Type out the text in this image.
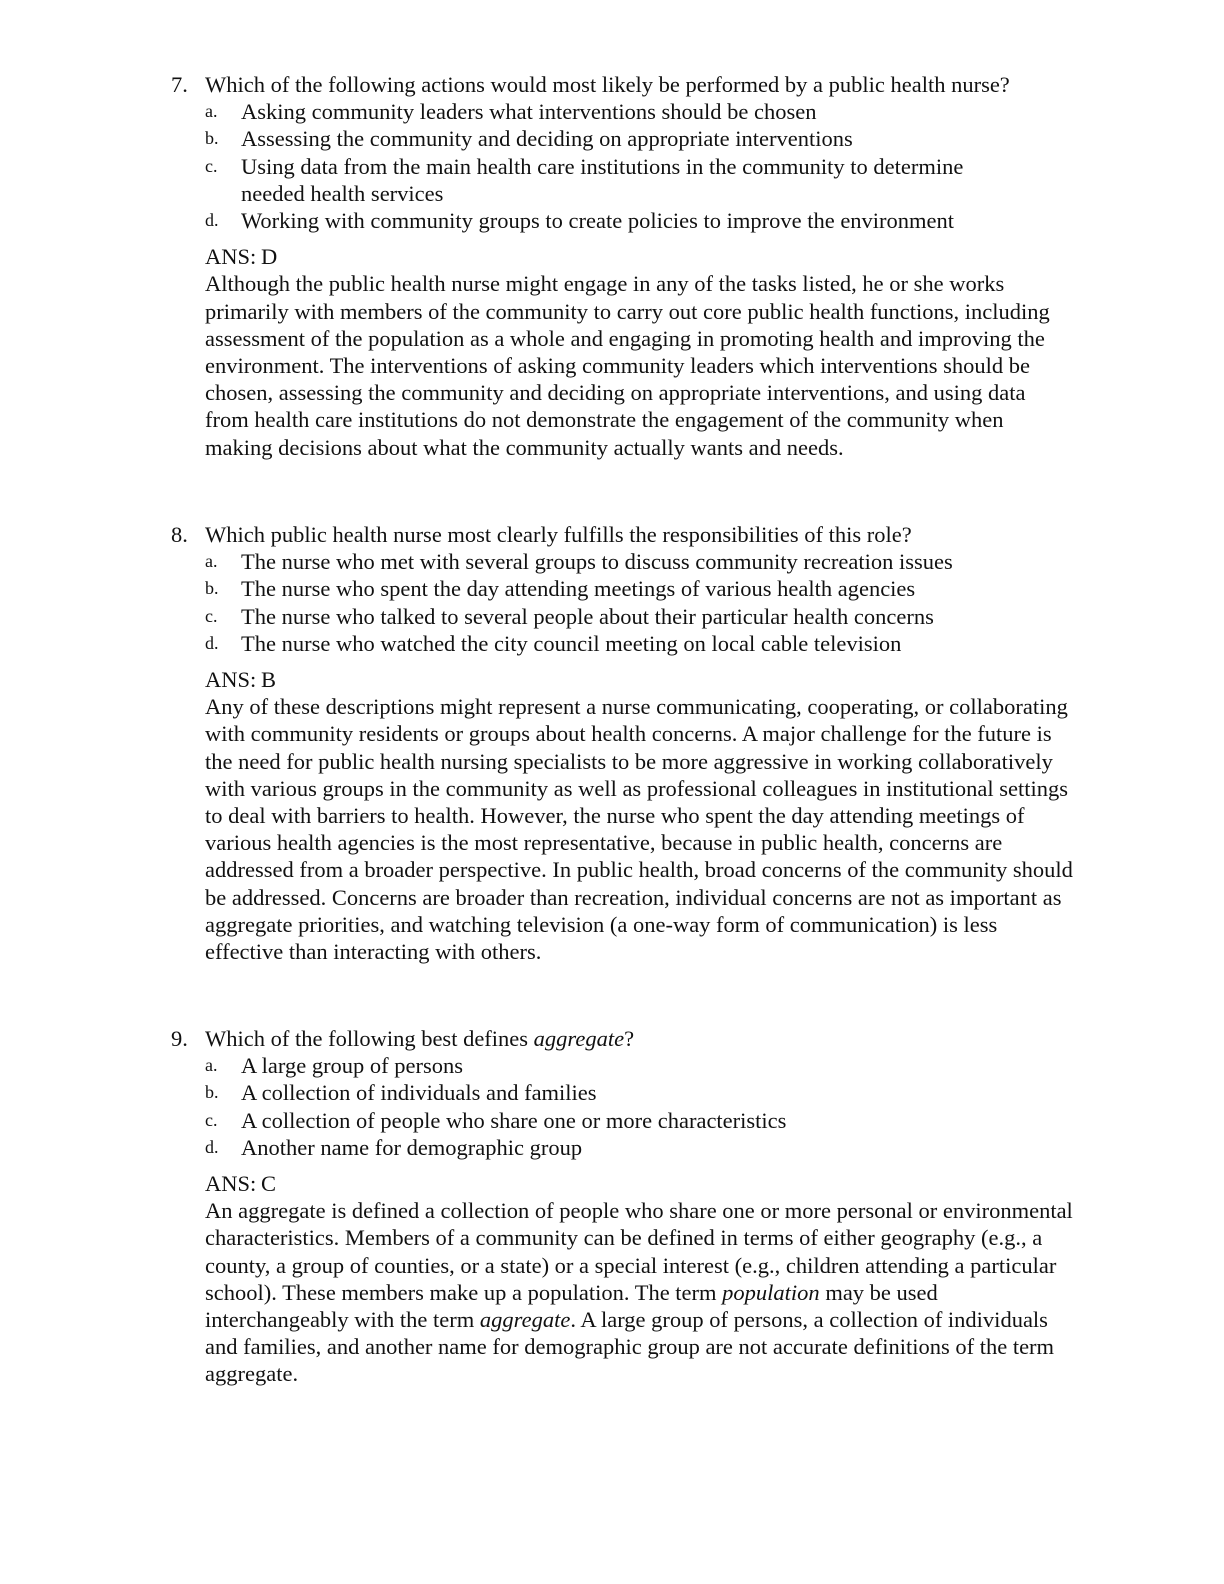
7. Which of the following actions would most likely be performed by a public health nurse?
a. Asking community leaders what interventions should be chosen
b. Assessing the community and deciding on appropriate interventions
c. Using data from the main health care institutions in the community to determine needed health services
d. Working with community groups to create policies to improve the environment
ANS: D

Although the public health nurse might engage in any of the tasks listed, he or she works primarily with members of the community to carry out core public health functions, including assessment of the population as a whole and engaging in promoting health and improving the environment. The interventions of asking community leaders which interventions should be chosen, assessing the community and deciding on appropriate interventions, and using data from health care institutions do not demonstrate the engagement of the community when making decisions about what the community actually wants and needs.

8. Which public health nurse most clearly fulfills the responsibilities of this role?
a. The nurse who met with several groups to discuss community recreation issues
b. The nurse who spent the day attending meetings of various health agencies
c. The nurse who talked to several people about their particular health concerns
d. The nurse who watched the city council meeting on local cable television
ANS: B

Any of these descriptions might represent a nurse communicating, cooperating, or collaborating with community residents or groups about health concerns. A major challenge for the future is the need for public health nursing specialists to be more aggressive in working collaboratively with various groups in the community as well as professional colleagues in institutional settings to deal with barriers to health. However, the nurse who spent the day attending meetings of various health agencies is the most representative, because in public health, concerns are addressed from a broader perspective. In public health, broad concerns of the community should be addressed. Concerns are broader than recreation, individual concerns are not as important as aggregate priorities, and watching television (a one-way form of communication) is less effective than interacting with others.

9. Which of the following best defines aggregate?
a. A large group of persons
b. A collection of individuals and families
c. A collection of people who share one or more characteristics
d. Another name for demographic group
ANS: C

An aggregate is defined a collection of people who share one or more personal or environmental characteristics. Members of a community can be defined in terms of either geography (e.g., a county, a group of counties, or a state) or a special interest (e.g., children attending a particular school). These members make up a population. The term population may be used interchangeably with the term aggregate. A large group of persons, a collection of individuals and families, and another name for demographic group are not accurate definitions of the term aggregate.
